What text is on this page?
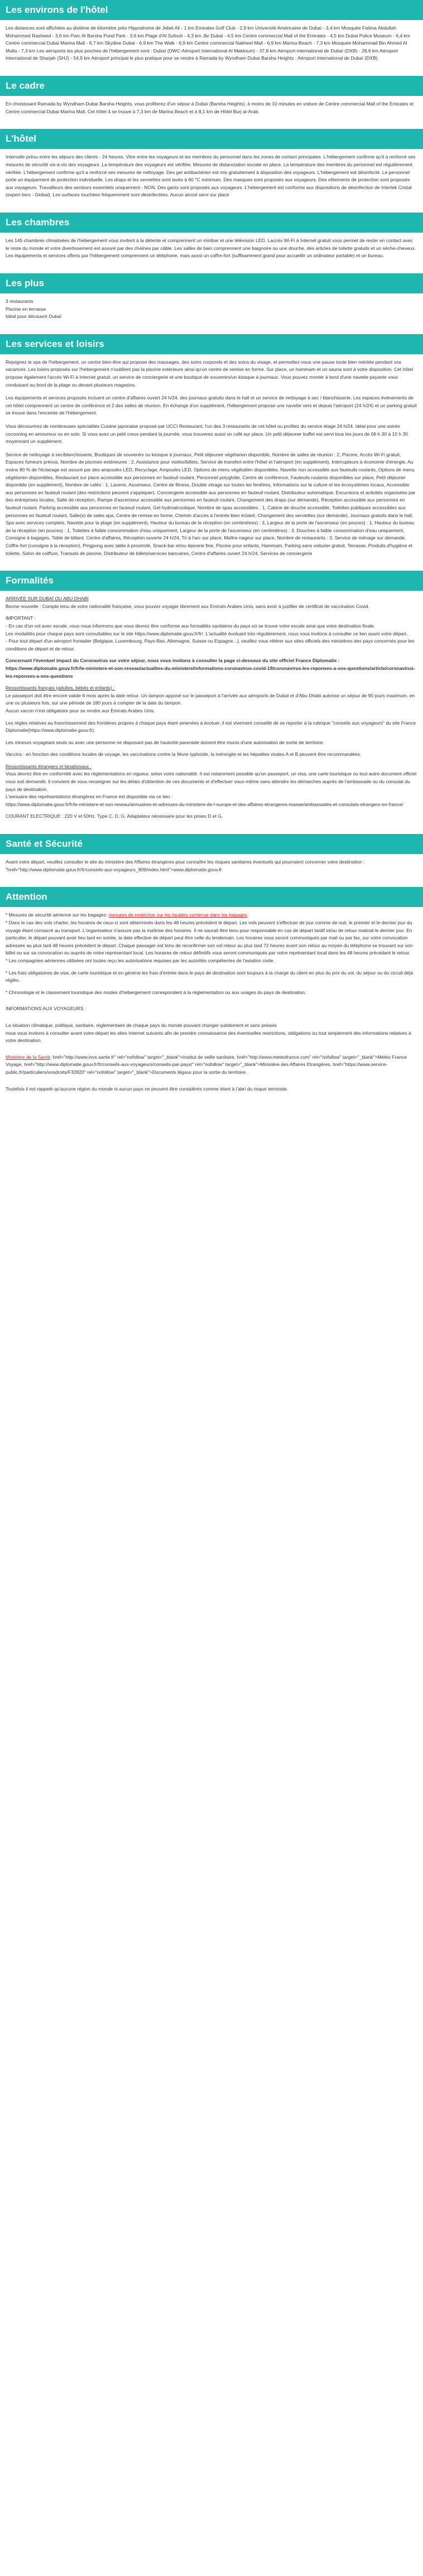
Les environs de l'hôtel

Les distances sont affichées au dixième de kilomètre près Hippodrome de Jebel Ali - 1 km Emirates Golf Club - 2,9 km Université Américaine de Dubaï - 3,4 km Mosquée Fatima Abdullah Mohammed Rasheed - 3,6 km Parc Al Barsha Pond Park - 3,6 km Plage d'Al Sufouh - 4,3 km Jbr Dubai - 4,5 km Centre commercial Mall of the Emirates - 4,5 km Dubai Police Museum - 6,4 km Centre commercial Dubai Marina Mall - 6,7 km Skydive Dubai - 6,9 km The Walk - 6,9 km Centre commercial Nakheel Mall - 6,9 km Marina Beach - 7,3 km Mosquée Mohammad Bin Ahmed Al Mulla - 7,3 km Les aéroports les plus proches de l'hébergement sont : Dubaï (DWC-Aéroport International Al Maktoum) - 37,8 km Aéroport international de Dubaï (DXB) - 28,6 km Aéroport international de Sharjah (SHJ) - 54,9 km Aéroport principal le plus pratique pour se rendre à Ramada by Wyndham Dubai Barsha Heights : Aéroport international de Dubaï (DXB)

Le cadre

En choisissant Ramada by Wyndham Dubai Barsha Heights, vous profiterez d'un séjour à Dubaï (Barsha Heights), à moins de 10 minutes en voiture de Centre commercial Mall of the Emirates et Centre commercial Dubai Marina Mall. Cet hôtel 4 se trouve à 7,3 km de Marina Beach et à 8,1 km de Hôtel Burj al-Arab.

L'hôtel

Intervalle prévu entre les séjours des clients - 24 heures. Vitre entre les voyageurs et les membres du personnel dans les zones de contact principales. L'hébergement confirme qu'il a renforcé ses mesures de sécurité vis-à-vis des voyageurs. La température des voyageurs est vérifiée. Mesures de distanciation sociale en place. La température des membres du personnel est régulièrement vérifiée. L'hébergement confirme qu'il a renforcé ses mesures de nettoyage. Des gel antibactérien est mis gratuitement à disposition des voyageurs. L'hébergement est désinfecté. Le personnel porte un équipement de protection individuelle. Les draps et les serviettes sont lavés à 60 °C minimum. Des masques sont proposés aux voyageurs. Des vêtements de protection sont proposés aux voyageurs. Travailleurs des secteurs essentiels uniquement - NON. Des gants sont proposés aux voyageurs. L'hébergement est conforme aux dispositions de désinfection de Intertek Cristal (expert tiers - Global). Les surfaces touchées fréquemment sont désinfectées. Aucun alcool servi sur place

Les chambres

Les 145 chambres climatisées de l'hébergement vous invitent à la détente et comprennent un minibar et une télévision LED. Laccès Wi-Fi à Internet gratuit vous permet de rester en contact avec le reste du monde et votre divertissement est assuré par des chaînes par câble. Les salles de bain comprennent une baignoire ou une douche, des articles de toilette gratuits et un sèche-cheveux. Les équipements et services offerts par l'hébergement comprennent un téléphone, mais aussi un coffre-fort (suffisamment grand pour accueillir un ordinateur portable) et un bureau.

Les plus

3 restaurants

Piscine en terrasse

Idéal pour découvrir Dubaï

Les services et loisirs

Rejoignez le spa de l'hébergement, un centre bien-être qui propose des massages, des soins corporels et des soins du visage, et permettez-vous une pause toute bien méritée pendant vos vacances. Les loisirs proposés sur l'hébergement n'oublient pas la piscine extérieure ainsi qu'un centre de remise en forme. Sur place, un hammam et un sauna sont à votre disposition. Cet hôtel propose également l'accès Wi-Fi à Internet gratuit, un service de conciergerie et une boutique de souvenirs/un kiosque à journaux. Vous pouvez monter à bord d'une navette payante vous conduisant au bord de la plage ou devant plusieurs magasins.

Les équipements et services proposés incluent un centre d'affaires ouvert 24 h/24, des journaux gratuits dans le hall et un service de nettoyage à sec / blanchisserie. Les espaces événements de cet hôtel comprennent un centre de conférence et 2 des salles de réunion. En échange d'un supplément, l'hébergement propose une navette vers et depuis l'aéroport (24 h/24) et un parking gratuit se trouve dans l'enceinte de l'hébergement.

Vous découvrirez de nombreuses spécialités Cuisine japonaise proposé par UCCI Restaurant, l'un des 3 restaurants de cet hôtel ou profitez du service étage 24 h/24. Idéal pour une soirée cocooning en amoureux ou en solo. Si vous avez un petit creux pendant la journée, vous trouverez aussi un café sur place. Un petit déjeuner buffet est servi tous les jours de 06 h 30 à 10 h 30 moyennant un supplément.

Service de nettoyage à sec/blanchisserie, Boutiques de souvenirs ou kiosque à journaux, Petit déjeuner végétarien disponible, Nombre de salles de réunion : 2, Piscine, Accès Wi-Fi gratuit, Espaces fumeurs prévus, Nombre de piscines extérieures : 2, Assistance pour visites/billets, Service de transfert entre l'hôtel et l'aéroport (en supplément), Interrupteurs à économie d'énergie, Au moins 80 % de l'éclairage est assuré par des ampoules LED, Recyclage, Ampoules LED, Options de menu végétalien disponibles, Navette non accessible aux fauteuils roulants, Options de menu végétarien disponibles, Restaurant sur place accessible aux personnes en fauteuil roulant, Personnel polyglotte, Centre de conférence, Fauteuils roulants disponibles sur place, Petit déjeuner disponible (en supplément), Nombre de cafés : 1, Laverie, Ascenseur, Centre de fitness, Double vitrage sur toutes les fenêtres, Informations sur la culture et les écosystèmes locaux, Accessible aux personnes en fauteuil roulant (des restrictions peuvent s'appliquer), Conciergerie accessible aux personnes en fauteuil roulant, Distributeur automatique, Excursions et activités organisées par des entreprises locales, Salle de réception, Rampe d'ascenseur accessible aux personnes en fauteuil roulant, Changement des draps (sur demande), Réception accessible aux personnes en fauteuil roulant, Parking accessible aux personnes en fauteuil roulant, Gel hydroalcoolique, Nombre de spas accessibles : 1, Cabine de douche accessible, Toilettes publiques accessibles aux personnes en fauteuil roulant, Salle(s) de sales spa, Centre de remise en forme, Chemin d'accès à l'entrée bien éclairé, Changement des serviettes (sur demande), Journaux gratuits dans le hall, Spa avec services complets, Navette pour la plage (en supplément), Hauteur du bureau de la réception (en centimètres) : 3, Largeur de la porte de l'ascenseur (en pouces) : 1, Hauteur du bureau de la réception (en pouces) : 1, Toilettes à faible consommation d'eau uniquement, Largeur de la porte de l'ascenseur (en centimètres) : 3, Douches à faible consommation d'eau uniquement, Consigne à bagages, Table de billard, Centre d'affaires, Réception ouverte 24 h/24, Tri à l'arc sur place, Maître-nageur sur place, Nombre de restaurants : 3, Service de ménage sur demande, Coffre-fort (consigne à la réception), Pingpong avec table à proximité, Snack-bar et/ou épicerie fine, Piscine pour enfants, Hammam, Parking sans voiturier gratuit, Terrasse, Produits d'hygiène et toilette, Salon de coiffure, Transats de piscine, Distributeur de billets/services bancaires, Centre d'affaires ouvert 24 h/24, Services de conciergerie

Formalités

ARRIVÉE SUR DUBAÏ OU ABU DHABI

Bonne nouvelle : Compte tenu de votre nationalité française, vous pouvez voyager librement aux Emirats Arabes Unis, sans avoir à justifier de certificat de vaccination Covid.

IMPORTANT :

- En cas d'un vol avec escale, vous nous informons que vous devrez être conforme aux formalités sanitaires du pays où se trouve votre escale ainsi que votre destination finale.

Les modalités pour chaque pays sont consultables sur le site https://www.diplomatie.gouv.fr/fr/. L'actualité évoluant très régulièrement, nous vous invitons à consulter ce lien avant votre départ.

- Pour tout départ d'un aéroport frontalier (Belgique, Luxembourg, Pays-Bas, Allemagne, Suisse ou Espagne...), veuillez vous rétérer aux sites officiels des ministères des pays concernés pour les conditions de départ et de retour.

Concernant l'éventuel impact du Coronavirus sur votre séjour, nous vous invitons à consulter la page ci-dessous du site officiel France Diplomatie :

https://www.diplomatie.gouv.fr/fr/le-ministere-et-son-reseau/actualites-du-ministere/informations-coronavirus-covid-19/coronavirus-les-reponses-a-vos-questions/article/coronavirus-les-reponses-a-vos-questions

Ressortissants français (adultes, bébés et enfants) :

Le passeport doit être encore valide 6 mois après la date retour. Un tampon apposé sur le passeport à l'arrivée aux aéroports de Dubaï et d'Abu Dhabi autorise un séjour de 90 jours maximum, en une ou plusieurs fois, sur une période de 180 jours à compter de la date du tampon.

Aucun vaccin n'est obligatoire pour se rendre aux Emirats Arabes Unis.

Les règles relatives au franchissement des frontières propres à chaque pays étant amenées à évoluer, il est vivement conseillé de se reporter à la rubrique "conseils aux voyageurs" du site France Diplomatie(https://www.diplomatie.gouv.fr).

Les mineurs voyageant seuls ou avec une personne ne disposant pas de l'autorité parentale doivent être munis d'une autorisation de sortie de territoire.

Vaccins : en fonction des conditions locales de voyage, les vaccinations contre la fièvre typhoïde, la méningite et les hépatites virales A et B peuvent être recommandées.

Ressortissants étrangers et binationaux :

Vous devrez être en conformité avec les réglementations en vigueur, selon votre nationalité. Il est notamment possible qu'un passeport, un visa, une carte touristique ou tout autre document officiel vous soit demandé. Il convient de vous renseigner sur les délais d'obtention de ces documents et d'effectuer vous-même sans attendre les démarches auprès de l'ambassade ou du consulat du pays de destination.

L'annuaire des représentations étrangères en France est disponible via ce lien :

https://www.diplomatie.gouv.fr/fr/le-ministere-et-son-reseau/annuaires-et-adresses-du-ministere-de-l-europe-et-des-affaires-etrangeres-maeae/ambassades-et-consulats-etrangers-en-france/

COURANT ELECTRIQUE : 220 V et 50Hz. Type C, D, G. Adaptateur nécessaire pour les prises D et G.

Santé et Sécurité

Avant votre départ, veuillez consulter le site du ministère des Affaires étrangères pour connaître les risques sanitaires éventuels qui pourraient concerner votre destination : "href="http://www.diplomatie.gouv.fr/fr/conseils-aux-voyageurs_909/index.html">www.diplomatie.gouv.fr

Attention

* Mesures de sécurité aérienne sur les bagages: mesures de restriction sur les liquides contenus dans les bagages.

* Dans le cas des vols charter, les horaires de ceux-ci sont déterminés dans les 48 heures précédent le départ. Les vols peuvent s'effectuer de jour comme de nuit, le premier et le dernier jour du voyage étant consacré au transport. L'organisateur n'assure pas la maîtrise des horaires. Il ne saurait être tenu pour responsable en cas de départ tardif et/ou de retour matinal le dernier jour. En particulier, le départ pouvant avoir lieu tard en soirée, la date effective de départ peut être celle du lendemain. Les horaires vous seront communiqués par mail ou par fax, sur votre convocation adressée au plus tard 48 heures précédent le départ. Chaque passager est tenu de reconfirmer son vol retour au plus tard 72 heures avant son retour au moyen du téléphone se trouvant sur son billet ou sur sa convocation ou auprès de notre représentant local. Les horaires de retour définitifs vous seront communiqués par notre représentant local dans les 48 heures précédant le retour.

* Les compagnies aériennes utilisées ont toutes reçu les autorisations requises par les autorités compétentes de l'aviation civile.

* Les frais obligatoires de visa, de carte touristique et en général les frais d'entrée dans le pays de destination sont toujours à la charge du client en plus du prix du vol, du séjour ou du circuit déjà réglés.

* Chronologie et le classement touristique des modes d'hébergement correspondent à la réglementation ou aux usages du pays de destination.

INFORMATIONS AUX VOYAGEURS :

La situation climatique, politique, sanitaire, réglementaire de chaque pays du monde pouvant changer subitement et sans préavis

nous vous invitons à consulter avant votre départ les sites Internet suivants afin de prendre connaissance des éventuelles restrictions, obligations ou tout simplement des informations relatives à votre destination.

Ministère de la Santé: href="http://www.invs.sante.fr" rel="nofollow" target="_blank">Institut de veille sanitaire, href="http://www.meteofrance.com" rel="nofollow" target="_blank">Météo France Voyage, href="http://www.diplomatie.gouv.fr/fr/conseils-aux-voyageurs/conseils-par-pays/" rel="nofollow" target="_blank">Ministère des Affaires Etrangères, href="https://www.service-public.fr/particuliers/vosdroits/F32820" rel="nofollow" target="_blank">Documents légaux pour la sortie du territoire.

Toutefois il est rappelé qu'aucune région du monde ni aucun pays ne peuvent être considérés comme étant à l'abri du risque terroriste.
